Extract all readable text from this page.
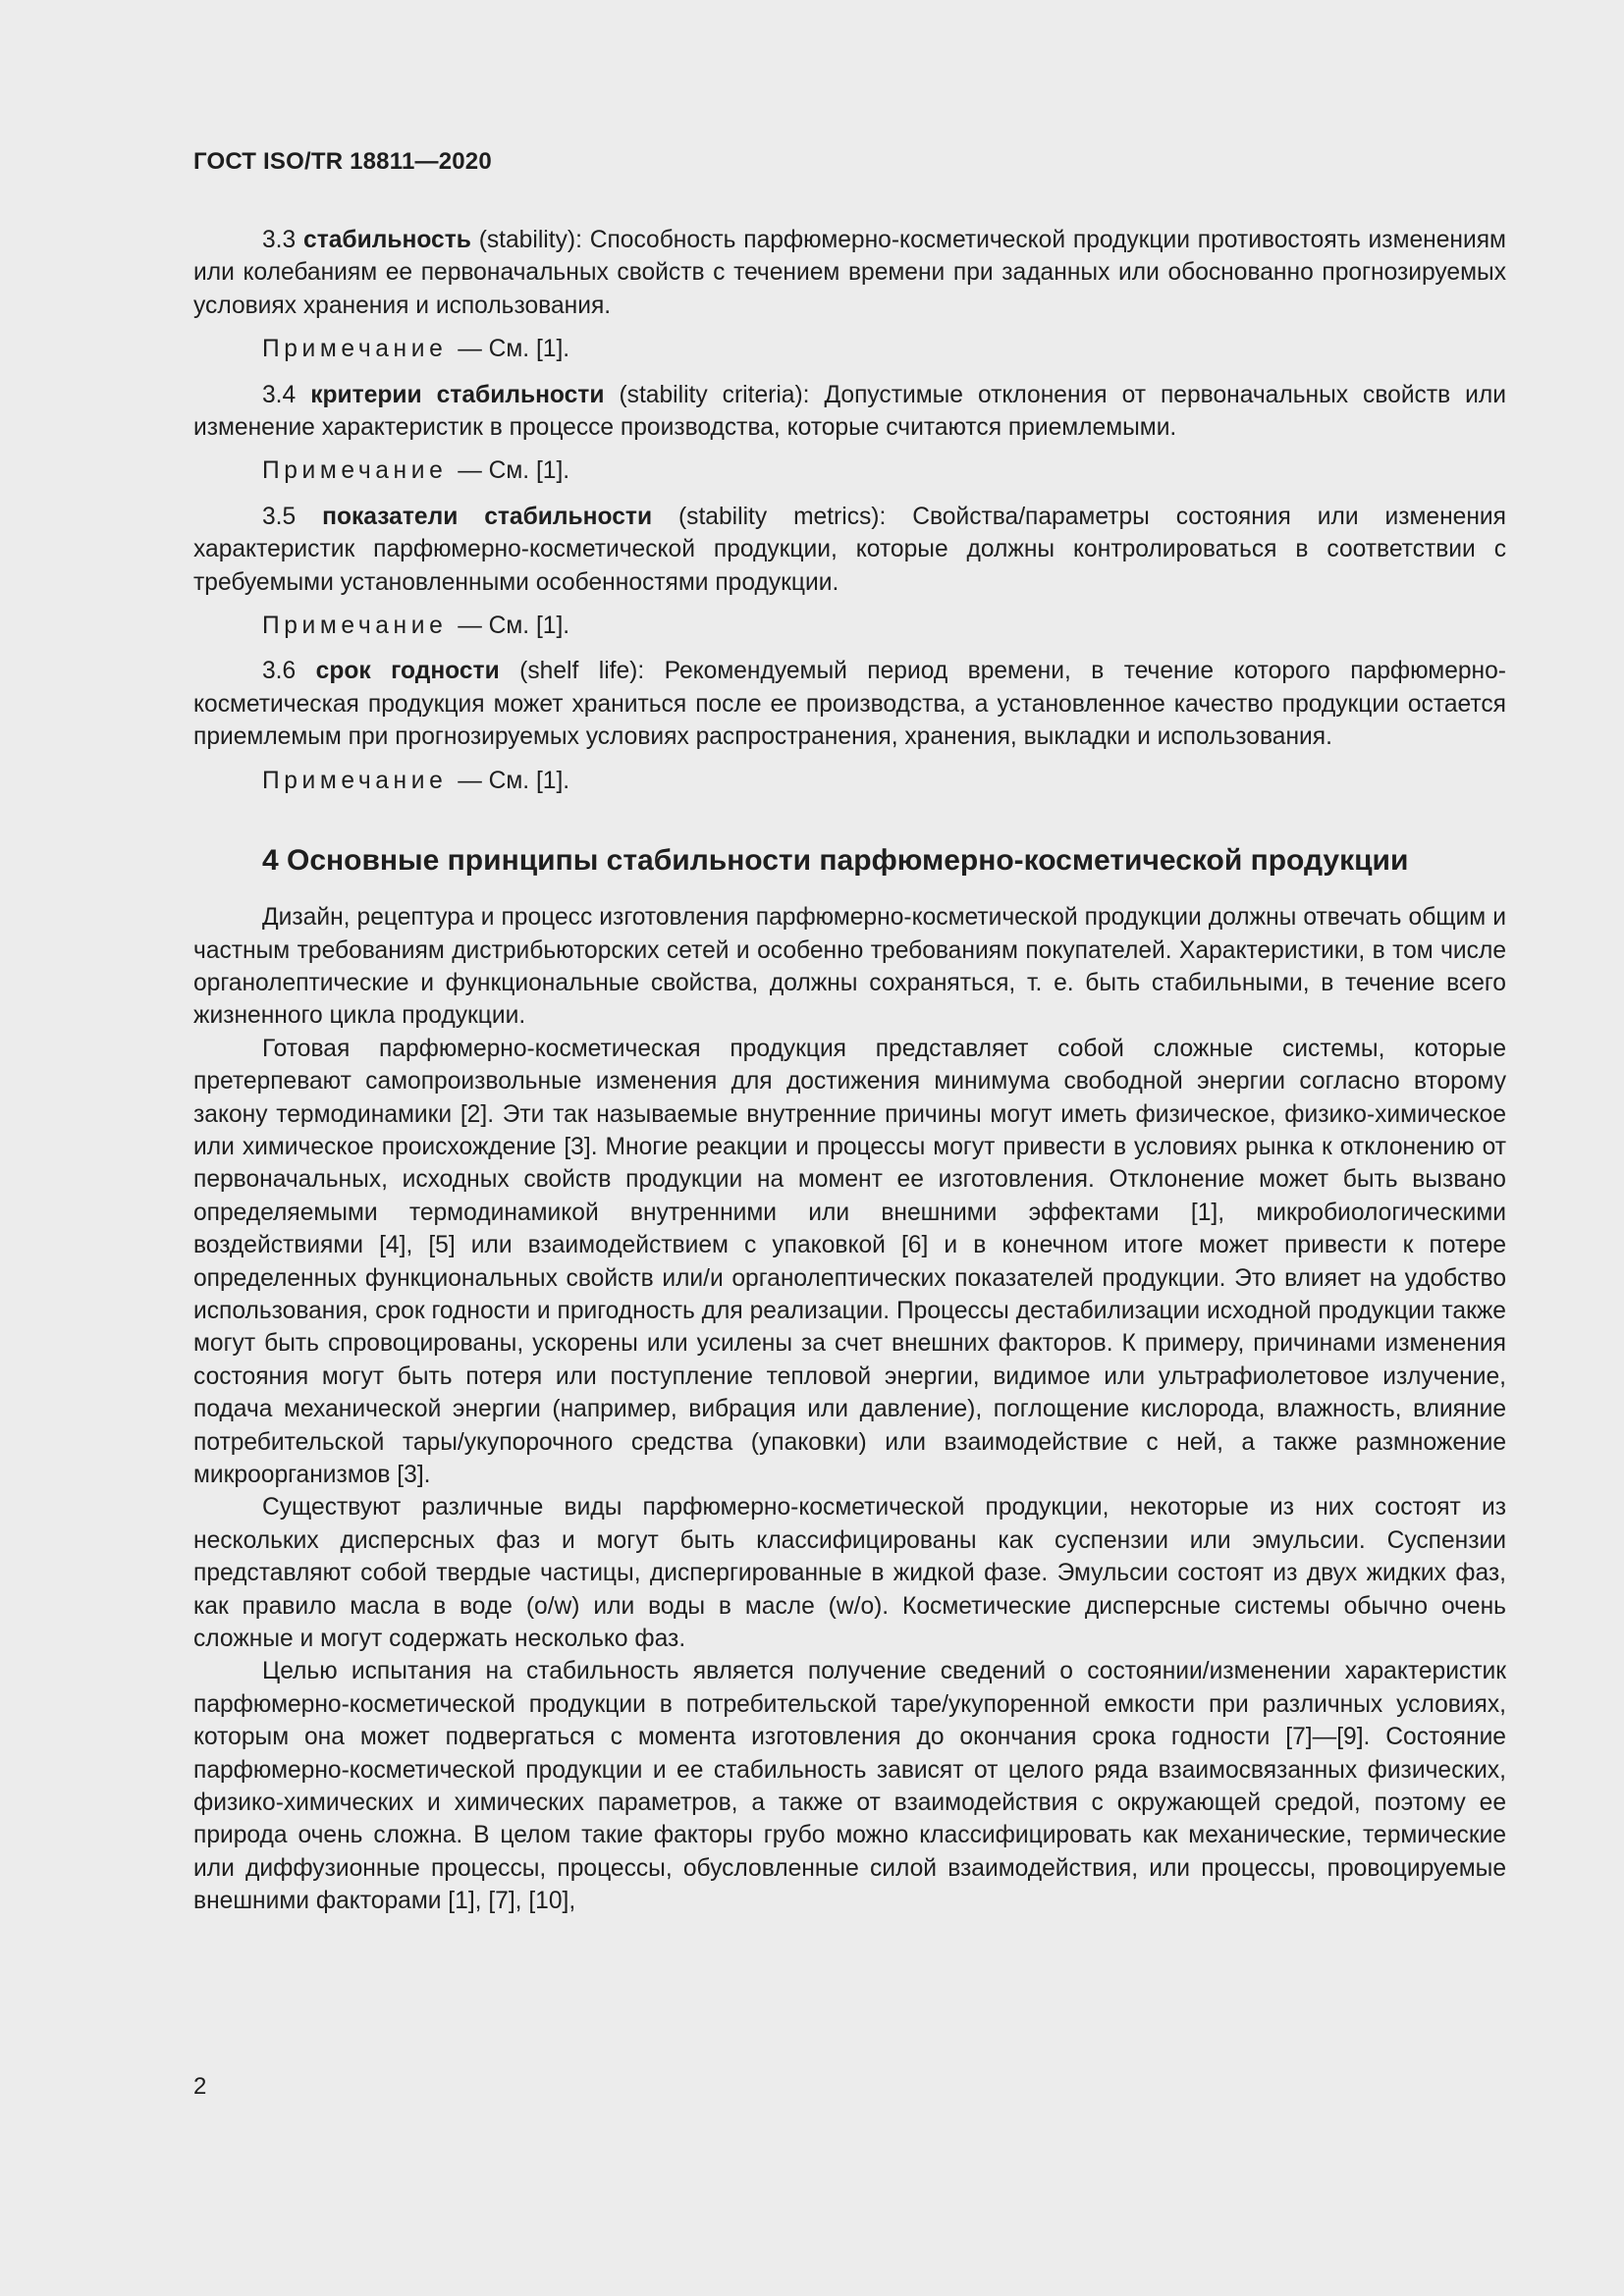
ГОСТ ISO/TR 18811—2020

3.3 стабильность (stability): Способность парфюмерно-косметической продукции противостоять изменениям или колебаниям ее первоначальных свойств с течением времени при заданных или обоснованно прогнозируемых условиях хранения и использования.

Примечание — См. [1].

3.4 критерии стабильности (stability criteria): Допустимые отклонения от первоначальных свойств или изменение характеристик в процессе производства, которые считаются приемлемыми.

Примечание — См. [1].

3.5 показатели стабильности (stability metrics): Свойства/параметры состояния или изменения характеристик парфюмерно-косметической продукции, которые должны контролироваться в соответствии с требуемыми установленными особенностями продукции.

Примечание — См. [1].

3.6 срок годности (shelf life): Рекомендуемый период времени, в течение которого парфюмерно-косметическая продукция может храниться после ее производства, а установленное качество продукции остается приемлемым при прогнозируемых условиях распространения, хранения, выкладки и использования.

Примечание — См. [1].

4 Основные принципы стабильности парфюмерно-косметической продукции

Дизайн, рецептура и процесс изготовления парфюмерно-косметической продукции должны отвечать общим и частным требованиям дистрибьюторских сетей и особенно требованиям покупателей. Характеристики, в том числе органолептические и функциональные свойства, должны сохраняться, т. е. быть стабильными, в течение всего жизненного цикла продукции.

Готовая парфюмерно-косметическая продукция представляет собой сложные системы, которые претерпевают самопроизвольные изменения для достижения минимума свободной энергии согласно второму закону термодинамики [2]. Эти так называемые внутренние причины могут иметь физическое, физико-химическое или химическое происхождение [3]. Многие реакции и процессы могут привести в условиях рынка к отклонению от первоначальных, исходных свойств продукции на момент ее изготовления. Отклонение может быть вызвано определяемыми термодинамикой внутренними или внешними эффектами [1], микробиологическими воздействиями [4], [5] или взаимодействием с упаковкой [6] и в конечном итоге может привести к потере определенных функциональных свойств или/и органолептических показателей продукции. Это влияет на удобство использования, срок годности и пригодность для реализации. Процессы дестабилизации исходной продукции также могут быть спровоцированы, ускорены или усилены за счет внешних факторов. К примеру, причинами изменения состояния могут быть потеря или поступление тепловой энергии, видимое или ультрафиолетовое излучение, подача механической энергии (например, вибрация или давление), поглощение кислорода, влажность, влияние потребительской тары/укупорочного средства (упаковки) или взаимодействие с ней, а также размножение микроорганизмов [3].

Существуют различные виды парфюмерно-косметической продукции, некоторые из них состоят из нескольких дисперсных фаз и могут быть классифицированы как суспензии или эмульсии. Суспензии представляют собой твердые частицы, диспергированные в жидкой фазе. Эмульсии состоят из двух жидких фаз, как правило масла в воде (o/w) или воды в масле (w/o). Косметические дисперсные системы обычно очень сложные и могут содержать несколько фаз.

Целью испытания на стабильность является получение сведений о состоянии/изменении характеристик парфюмерно-косметической продукции в потребительской таре/укупоренной емкости при различных условиях, которым она может подвергаться с момента изготовления до окончания срока годности [7]—[9]. Состояние парфюмерно-косметической продукции и ее стабильность зависят от целого ряда взаимосвязанных физических, физико-химических и химических параметров, а также от взаимодействия с окружающей средой, поэтому ее природа очень сложна. В целом такие факторы грубо можно классифицировать как механические, термические или диффузионные процессы, процессы, обусловленные силой взаимодействия, или процессы, провоцируемые внешними факторами [1], [7], [10],

2
